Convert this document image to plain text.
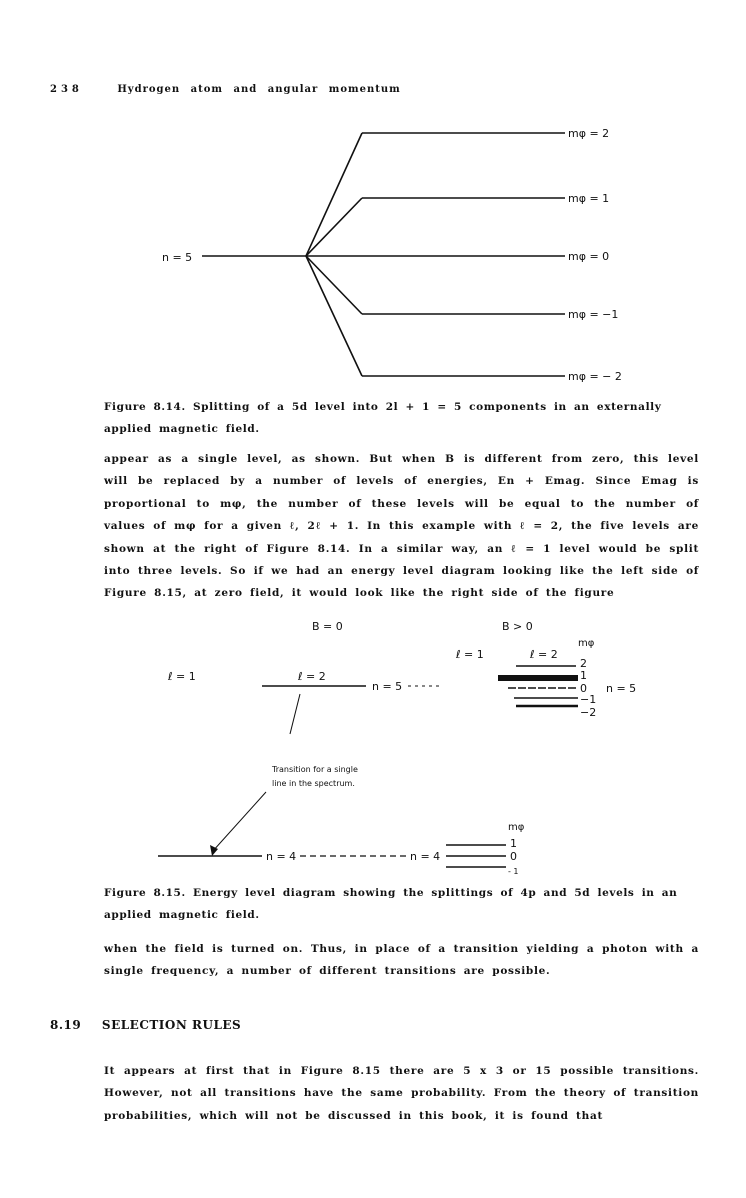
238	Hydrogen atom and angular momentum
n = 5
mφ = 2
mφ = 1
mφ = 0
mφ = −1
mφ = − 2
Figure 8.14. Splitting of a 5d level into 2l + 1 = 5 components in an externally applied magnetic field.

appear as a single level, as shown. But when B is different from zero, this level will be replaced by a number of levels of energies, En + Emag. Since Emag is proportional to mφ, the number of these levels will be equal to the number of values of mφ for a given ℓ, 2ℓ + 1. In this example with ℓ = 2, the five levels are shown at the right of Figure 8.14. In a similar way, an ℓ = 1 level would be split into three levels. So if we had an energy level diagram looking like the left side of Figure 8.15, at zero field, it would look like the right side of the figure

B = 0	B > 0
ℓ = 1	ℓ = 2
n = 5
ℓ = 1	ℓ = 2
mφ
2
1
0
−1
−2
n = 5
Transition for a single
line in the spectrum.
n = 4	n = 4
mφ
1
0
- 1
Figure 8.15. Energy level diagram showing the splittings of 4p and 5d levels in an applied magnetic field.

when the field is turned on. Thus, in place of a transition yielding a photon with a single frequency, a number of different transitions are possible.

8.19 SELECTION RULES

It appears at first that in Figure 8.15 there are 5 x 3 or 15 possible transitions. However, not all transitions have the same probability. From the theory of transition probabilities, which will not be discussed in this book, it is found that
